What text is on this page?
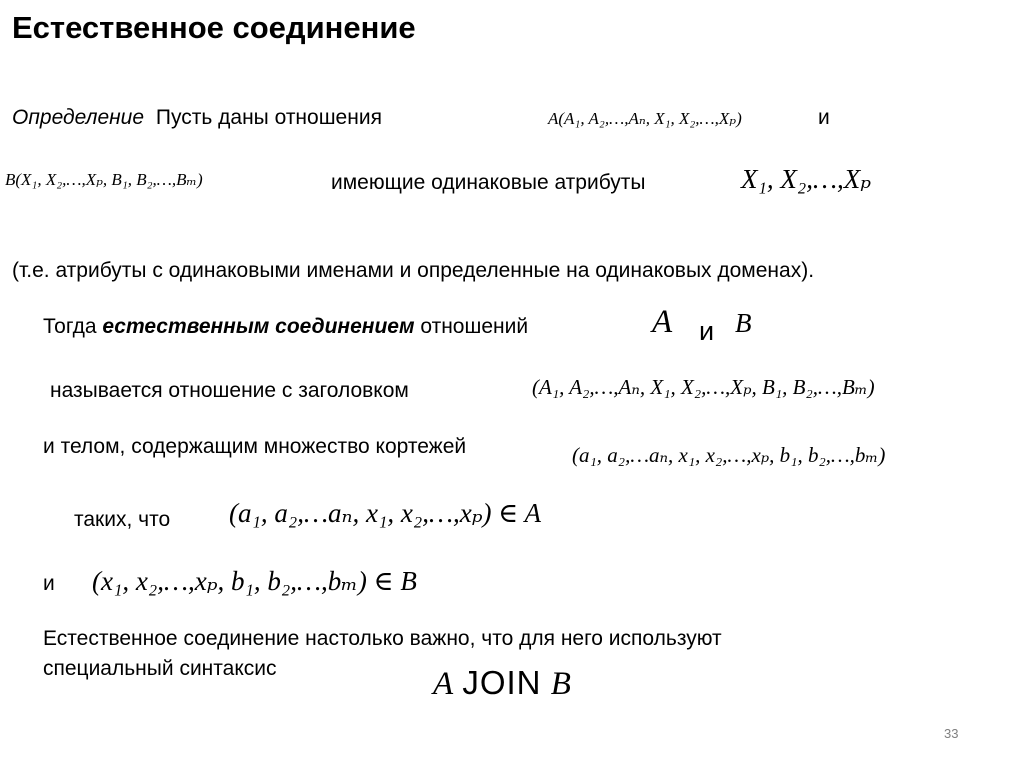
Естественное соединение
Определение Пусть даны отношения	A(A₁, A₂,…,Aₙ, X₁, X₂,…,Xₚ)	и
B(X₁, X₂,…,Xₚ, B₁, B₂,…,Bₘ)	имеющие одинаковые атрибуты	X₁, X₂,…,Xₚ
(т.е. атрибуты с одинаковыми именами и определенные на одинаковых доменах).
Тогда естественным соединением отношений	A и B
называется отношение с заголовком	(A₁, A₂,…,Aₙ, X₁, X₂,…,Xₚ, B₁, B₂,…,Bₘ)
и телом, содержащим множество кортежей	(a₁, a₂,…aₙ, x₁, x₂,…,xₚ, b₁, b₂,…,bₘ)
таких, что (a₁, a₂,…aₙ, x₁, x₂,…,xₚ) ∈ A
и (x₁, x₂,…,xₚ, b₁, b₂,…,bₘ) ∈ B
Естественное соединение настолько важно, что для него используют
специальный синтаксис	A JOIN B
33
